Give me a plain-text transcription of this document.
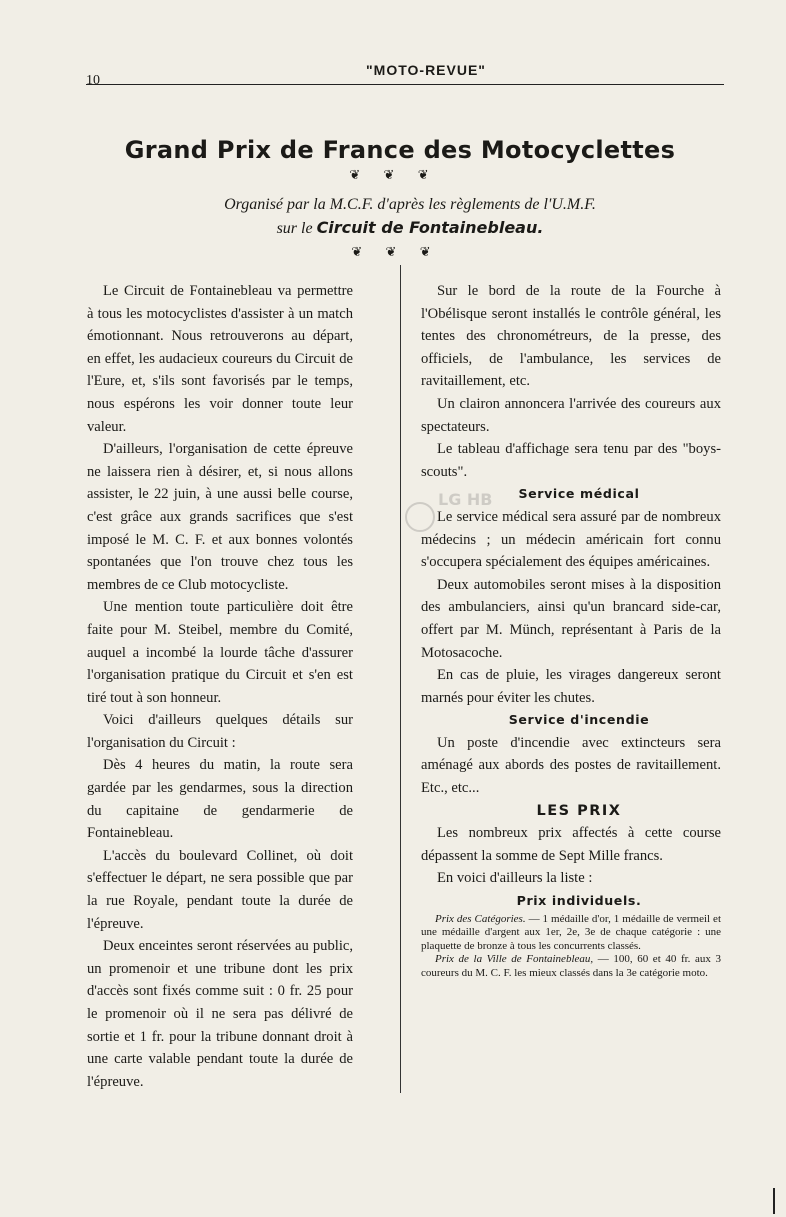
10
"MOTO-REVUE"
Grand Prix de France des Motocyclettes
❦ ❦ ❦
Organisé par la M.C.F. d'après les règlements de l'U.M.F.
sur le Circuit de Fontainebleau.
❦ ❦ ❦

Le Circuit de Fontainebleau va permettre à tous les motocyclistes d'assister à un match émotionnant. Nous retrouverons au départ, en effet, les audacieux coureurs du Circuit de l'Eure, et, s'ils sont favorisés par le temps, nous espérons les voir donner toute leur valeur.

D'ailleurs, l'organisation de cette épreuve ne laissera rien à désirer, et, si nous allons assister, le 22 juin, à une aussi belle course, c'est grâce aux grands sacrifices que s'est imposé le M. C. F. et aux bonnes volontés spontanées que l'on trouve chez tous les membres de ce Club motocycliste.

Une mention toute particulière doit être faite pour M. Steibel, membre du Comité, auquel a incombé la lourde tâche d'assurer l'organisation pratique du Circuit et s'en est tiré tout à son honneur.

Voici d'ailleurs quelques détails sur l'organisation du Circuit :

Dès 4 heures du matin, la route sera gardée par les gendarmes, sous la direction du capitaine de gendarmerie de Fontainebleau.

L'accès du boulevard Collinet, où doit s'effectuer le départ, ne sera possible que par la rue Royale, pendant toute la durée de l'épreuve.

Deux enceintes seront réservées au public, un promenoir et une tribune dont les prix d'accès sont fixés comme suit : 0 fr. 25 pour le promenoir où il ne sera pas délivré de sortie et 1 fr. pour la tribune donnant droit à une carte valable pendant toute la durée de l'épreuve.

Sur le bord de la route de la Fourche à l'Obélisque seront installés le contrôle général, les tentes des chronométreurs, de la presse, des officiels, de l'ambulance, les services de ravitaillement, etc.

Un clairon annoncera l'arrivée des coureurs aux spectateurs.

Le tableau d'affichage sera tenu par des "boys-scouts".

Service médical

Le service médical sera assuré par de nombreux médecins ; un médecin américain fort connu s'occupera spécialement des équipes américaines.

Deux automobiles seront mises à la disposition des ambulanciers, ainsi qu'un brancard side-car, offert par M. Münch, représentant à Paris de la Motosacoche.

En cas de pluie, les virages dangereux seront marnés pour éviter les chutes.

Service d'incendie

Un poste d'incendie avec extincteurs sera aménagé aux abords des postes de ravitaillement. Etc., etc...

LES PRIX

Les nombreux prix affectés à cette course dépassent la somme de Sept Mille francs.

En voici d'ailleurs la liste :

Prix individuels.

Prix des Catégories. — 1 médaille d'or, 1 médaille de vermeil et une médaille d'argent aux 1er, 2e, 3e de chaque catégorie : une plaquette de bronze à tous les concurrents classés.

Prix de la Ville de Fontainebleau, — 100, 60 et 40 fr. aux 3 coureurs du M. C. F. les mieux classés dans la 3e catégorie moto.

LG HB
